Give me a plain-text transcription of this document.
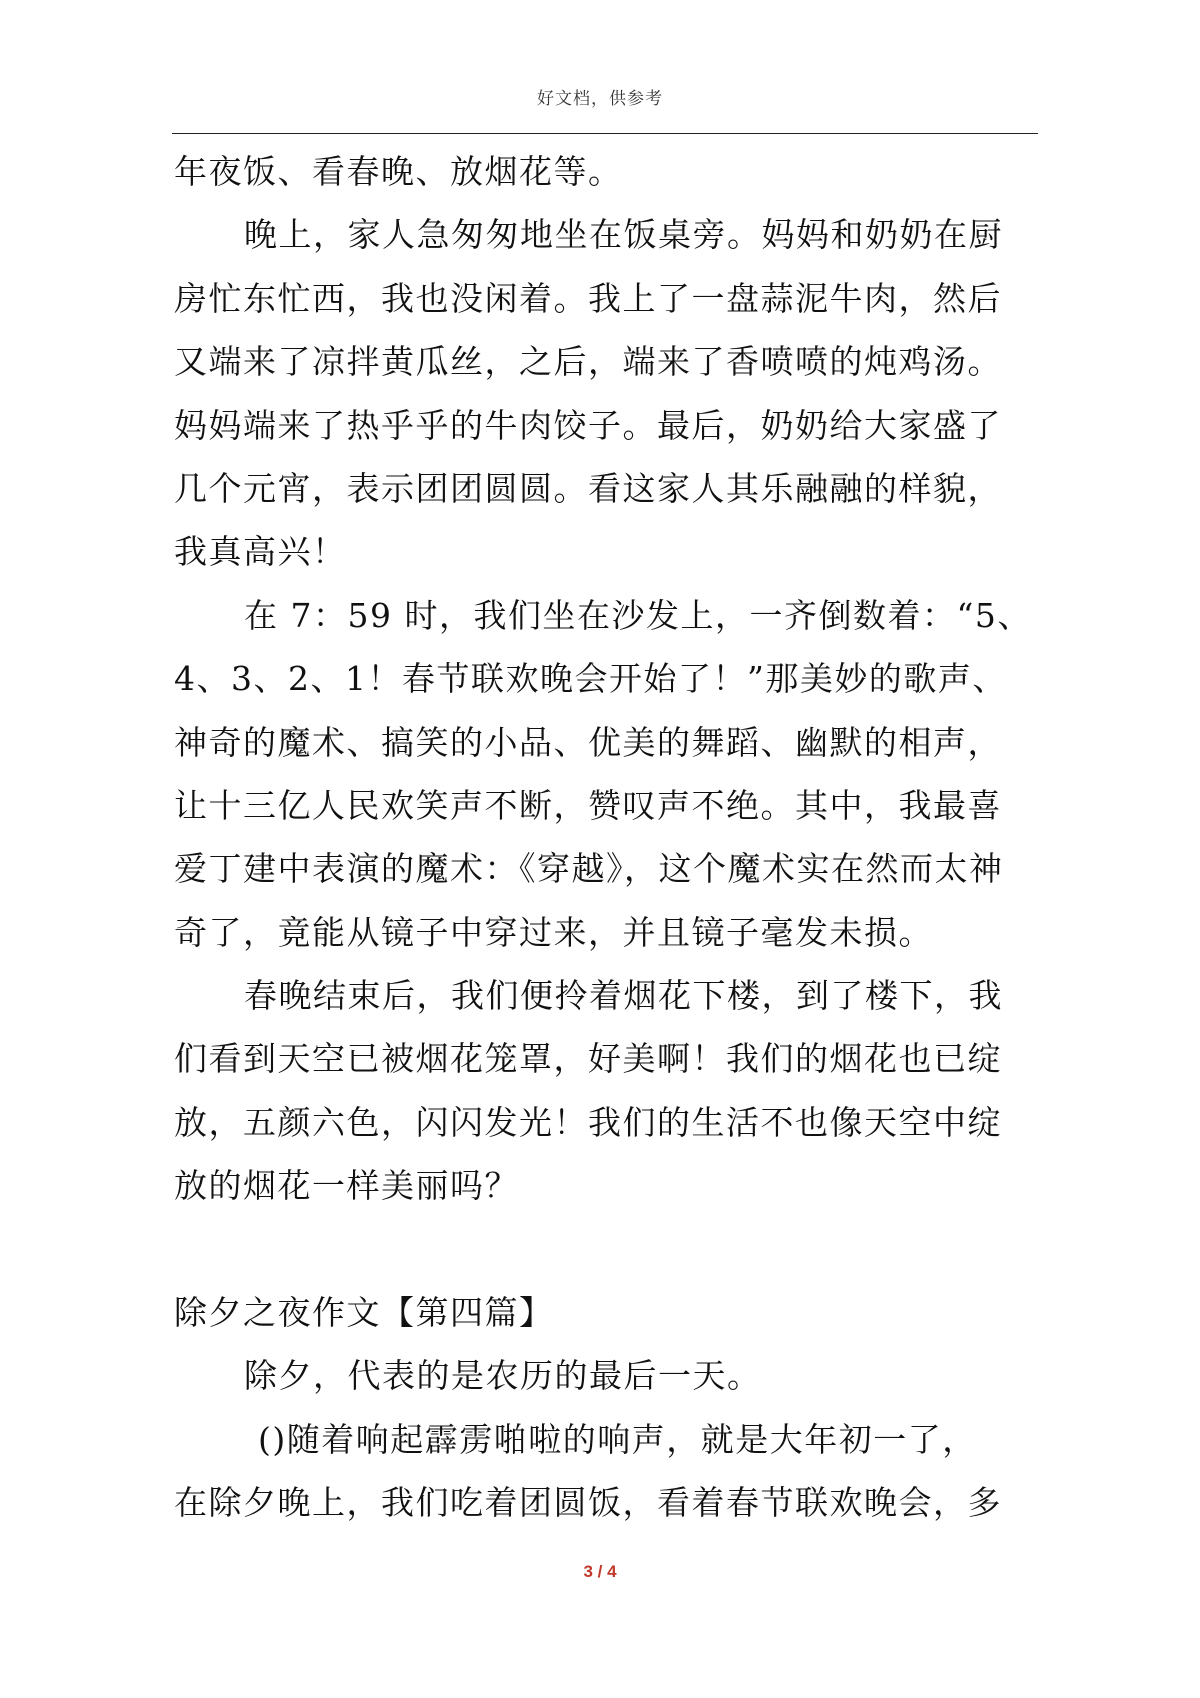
好文档，供参考
年夜饭、看春晚、放烟花等。
晚上，家人急匆匆地坐在饭桌旁。妈妈和奶奶在厨
房忙东忙西，我也没闲着。我上了一盘蒜泥牛肉，然后
又端来了凉拌黄瓜丝，之后，端来了香喷喷的炖鸡汤。
妈妈端来了热乎乎的牛肉饺子。最后，奶奶给大家盛了
几个元宵，表示团团圆圆。看这家人其乐融融的样貌，
我真高兴！
在 7：59 时，我们坐在沙发上，一齐倒数着：“5、
4、3、2、1！春节联欢晚会开始了！”那美妙的歌声、
神奇的魔术、搞笑的小品、优美的舞蹈、幽默的相声，
让十三亿人民欢笑声不断，赞叹声不绝。其中，我最喜
爱丁建中表演的魔术：《穿越》，这个魔术实在然而太神
奇了，竟能从镜子中穿过来，并且镜子毫发未损。
春晚结束后，我们便拎着烟花下楼，到了楼下，我
们看到天空已被烟花笼罩，好美啊！我们的烟花也已绽
放，五颜六色，闪闪发光！我们的生活不也像天空中绽
放的烟花一样美丽吗？
除夕之夜作文【第四篇】
除夕，代表的是农历的最后一天。
()随着响起霹雳啪啦的响声，就是大年初一了，
在除夕晚上，我们吃着团圆饭，看着春节联欢晚会，多
3 / 4
